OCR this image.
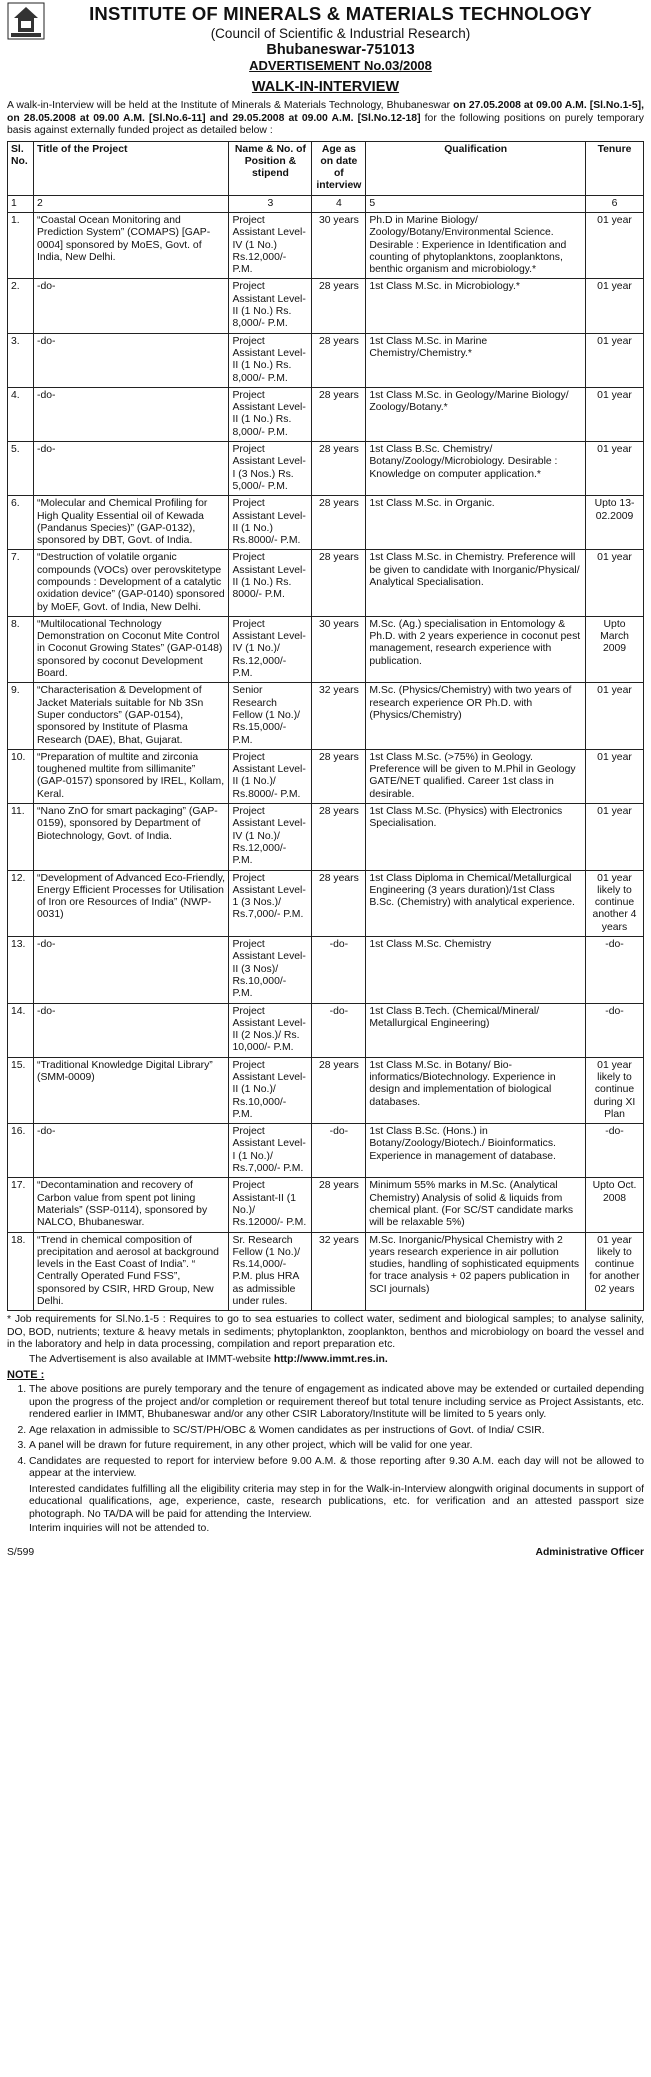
INSTITUTE OF MINERALS & MATERIALS TECHNOLOGY
(Council of Scientific & Industrial Research)
Bhubaneswar-751013
ADVERTISEMENT No.03/2008
WALK-IN-INTERVIEW
A walk-in-Interview will be held at the Institute of Minerals & Materials Technology, Bhubaneswar on 27.05.2008 at 09.00 A.M. [Sl.No.1-5], on 28.05.2008 at 09.00 A.M. [Sl.No.6-11] and 29.05.2008 at 09.00 A.M. [Sl.No.12-18] for the following positions on purely temporary basis against externally funded project as detailed below :
Sl. No.	Title of the Project	Name & No. of Position & stipend	Age as on date of interview	Qualification	Tenure
1	2	3	4	5	6
1.	“Coastal Ocean Monitoring and Prediction System” (COMAPS) [GAP-0004] sponsored by MoES, Govt. of India, New Delhi.	Project Assistant Level-IV (1 No.) Rs.12,000/- P.M.	30 years	Ph.D in Marine Biology/ Zoology/Botany/Environmental Science. Desirable : Experience in Identification and counting of phytoplanktons, zooplanktons, benthic organism and microbiology.*	01 year
2.	-do-	Project Assistant Level-II (1 No.) Rs. 8,000/- P.M.	28 years	1st Class M.Sc. in Microbiology.*	01 year
3.	-do-	Project Assistant Level-II (1 No.) Rs. 8,000/- P.M.	28 years	1st Class M.Sc. in Marine Chemistry/Chemistry.*	01 year
4.	-do-	Project Assistant Level-II (1 No.) Rs. 8,000/- P.M.	28 years	1st Class M.Sc. in Geology/Marine Biology/ Zoology/Botany.*	01 year
5.	-do-	Project Assistant Level-I (3 Nos.) Rs. 5,000/- P.M.	28 years	1st Class B.Sc. Chemistry/ Botany/Zoology/Microbiology. Desirable : Knowledge on computer application.*	01 year
6.	“Molecular and Chemical Profiling for High Quality Essential oil of Kewada (Pandanus Species)” (GAP-0132), sponsored by DBT, Govt. of India.	Project Assistant Level-II (1 No.) Rs.8000/- P.M.	28 years	1st Class M.Sc. in Organic.	Upto 13-02.2009
7.	“Destruction of volatile organic compounds (VOCs) over perovskitetype compounds : Development of a catalytic oxidation device” (GAP-0140) sponsored by MoEF, Govt. of India, New Delhi.	Project Assistant Level-II (1 No.) Rs. 8000/- P.M.	28 years	1st Class M.Sc. in Chemistry. Preference will be given to candidate with Inorganic/Physical/ Analytical Specialisation.	01 year
8.	“Multilocational Technology Demonstration on Coconut Mite Control in Coconut Growing States” (GAP-0148) sponsored by coconut Development Board.	Project Assistant Level-IV (1 No.)/ Rs.12,000/- P.M.	30 years	M.Sc. (Ag.) specialisation in Entomology & Ph.D. with 2 years experience in coconut pest management, research experience with publication.	Upto March 2009
9.	“Characterisation & Development of Jacket Materials suitable for Nb 3Sn Super conductors” (GAP-0154), sponsored by Institute of Plasma Research (DAE), Bhat, Gujarat.	Senior Research Fellow (1 No.)/ Rs.15,000/- P.M.	32 years	M.Sc. (Physics/Chemistry) with two years of research experience OR Ph.D. with (Physics/Chemistry)	01 year
10.	“Preparation of multite and zirconia toughened multite from sillimanite” (GAP-0157) sponsored by IREL, Kollam, Keral.	Project Assistant Level-II (1 No.)/ Rs.8000/- P.M.	28 years	1st Class M.Sc. (>75%) in Geology. Preference will be given to M.Phil in Geology GATE/NET qualified. Career 1st class in desirable.	01 year
11.	“Nano ZnO for smart packaging” (GAP-0159), sponsored by Department of Biotechnology, Govt. of India.	Project Assistant Level-IV (1 No.)/ Rs.12,000/- P.M.	28 years	1st Class M.Sc. (Physics) with Electronics Specialisation.	01 year
12.	“Development of Advanced Eco-Friendly, Energy Efficient Processes for Utilisation of Iron ore Resources of India” (NWP-0031)	Project Assistant Level-1 (3 Nos.)/ Rs.7,000/- P.M.	28 years	1st Class Diploma in Chemical/Metallurgical Engineering (3 years duration)/1st Class B.Sc. (Chemistry) with analytical experience.	01 year likely to continue another 4 years
13.	-do-	Project Assistant Level-II (3 Nos)/ Rs.10,000/- P.M.	-do-	1st Class M.Sc. Chemistry	-do-
14.	-do-	Project Assistant Level-II (2 Nos.)/ Rs. 10,000/- P.M.	-do-	1st Class B.Tech. (Chemical/Mineral/ Metallurgical Engineering)	-do-
15.	“Traditional Knowledge Digital Library” (SMM-0009)	Project Assistant Level-II (1 No.)/ Rs.10,000/- P.M.	28 years	1st Class M.Sc. in Botany/ Bio-informatics/Biotechnology. Experience in design and implementation of biological databases.	01 year likely to continue during XI Plan
16.	-do-	Project Assistant Level-I (1 No.)/ Rs.7,000/- P.M.	-do-	1st Class B.Sc. (Hons.) in Botany/Zoology/Biotech./ Bioinformatics. Experience in management of database.	-do-
17.	“Decontamination and recovery of Carbon value from spent pot lining Materials” (SSP-0114), sponsored by NALCO, Bhubaneswar.	Project Assistant-II (1 No.)/ Rs.12000/- P.M.	28 years	Minimum 55% marks in M.Sc. (Analytical Chemistry) Analysis of solid & liquids from chemical plant. (For SC/ST candidate marks will be relaxable 5%)	Upto Oct. 2008
18.	“Trend in chemical composition of precipitation and aerosol at background levels in the East Coast of India”. “ Centrally Operated Fund FSS”, sponsored by CSIR, HRD Group, New Delhi.	Sr. Research Fellow (1 No.)/ Rs.14,000/- P.M. plus HRA as admissible under rules.	32 years	M.Sc. Inorganic/Physical Chemistry with 2 years research experience in air pollution studies, handling of sophisticated equipments for trace analysis + 02 papers publication in SCI journals)	01 year likely to continue for another 02 years
* Job requirements for Sl.No.1-5 : Requires to go to sea estuaries to collect water, sediment and biological samples; to analyse salinity, DO, BOD, nutrients; texture & heavy metals in sediments; phytoplankton, zooplankton, benthos and microbiology on board the vessel and in the laboratory and help in data processing, compilation and report preparation etc.
The Advertisement is also available at IMMT-website http://www.immt.res.in.
NOTE :
1. The above positions are purely temporary and the tenure of engagement as indicated above may be extended or curtailed depending upon the progress of the project and/or completion or requirement thereof but total tenure including service as Project Assistants, etc. rendered earlier in IMMT, Bhubaneswar and/or any other CSIR Laboratory/Institute will be limited to 5 years only.
2. Age relaxation in admissible to SC/ST/PH/OBC & Women candidates as per instructions of Govt. of India/ CSIR.
3. A panel will be drawn for future requirement, in any other project, which will be valid for one year.
4. Candidates are requested to report for interview before 9.00 A.M. & those reporting after 9.30 A.M. each day will not be allowed to appear at the interview.
Interested candidates fulfilling all the eligibility criteria may step in for the Walk-in-Interview alongwith original documents in support of educational qualifications, age, experience, caste, research publications, etc. for verification and an attested passport size photograph. No TA/DA will be paid for attending the Interview.
Interim inquiries will not be attended to.
S/599	Administrative Officer
